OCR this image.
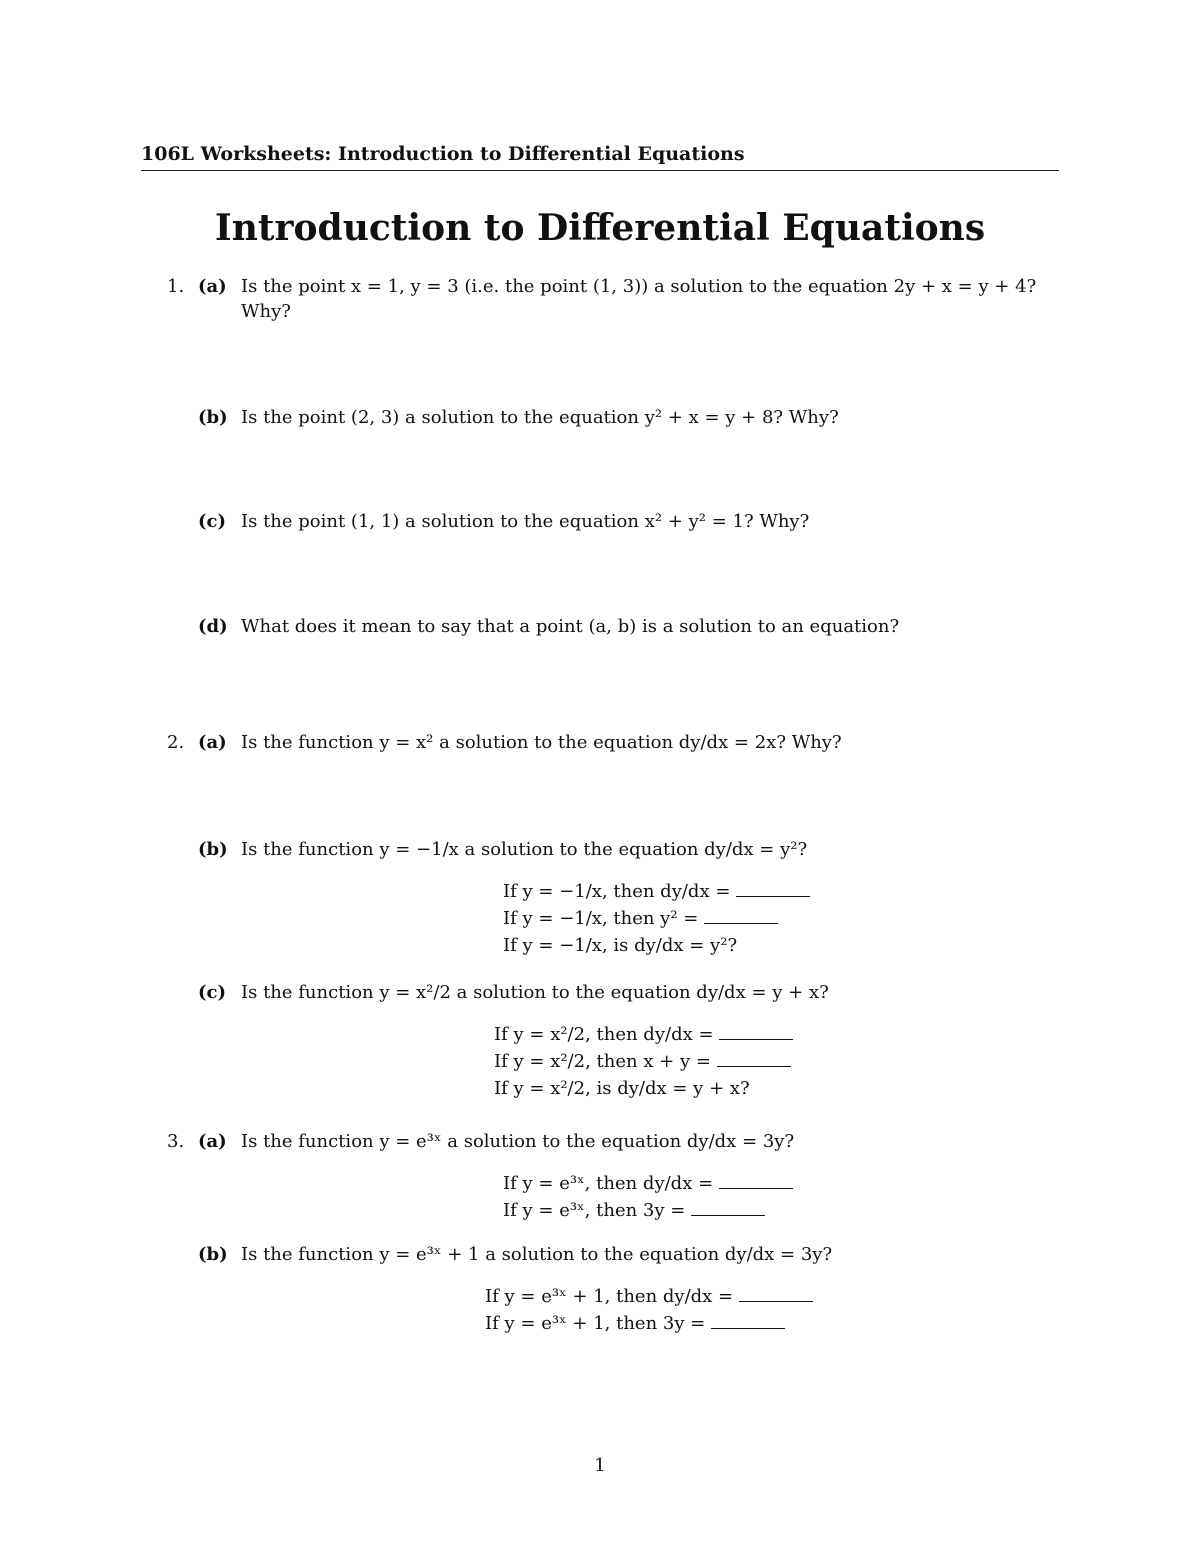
106L Worksheets: Introduction to Differential Equations
Introduction to Differential Equations
1. (a) Is the point x = 1, y = 3 (i.e. the point (1, 3)) a solution to the equation 2y + x = y + 4? Why?
(b) Is the point (2, 3) a solution to the equation y² + x = y + 8? Why?
(c) Is the point (1, 1) a solution to the equation x² + y² = 1? Why?
(d) What does it mean to say that a point (a, b) is a solution to an equation?
2. (a) Is the function y = x² a solution to the equation dy/dx = 2x? Why?
(b) Is the function y = −1/x a solution to the equation dy/dx = y²?
If y = −1/x, then dy/dx =
If y = −1/x, then y² =
If y = −1/x, is dy/dx = y²?
(c) Is the function y = x²/2 a solution to the equation dy/dx = y + x?
If y = x²/2, then dy/dx =
If y = x²/2, then x + y =
If y = x²/2, is dy/dx = y + x?
3. (a) Is the function y = e³ˣ a solution to the equation dy/dx = 3y?
If y = e³ˣ, then dy/dx =
If y = e³ˣ, then 3y =
(b) Is the function y = e³ˣ + 1 a solution to the equation dy/dx = 3y?
If y = e³ˣ + 1, then dy/dx =
If y = e³ˣ + 1, then 3y =
1
